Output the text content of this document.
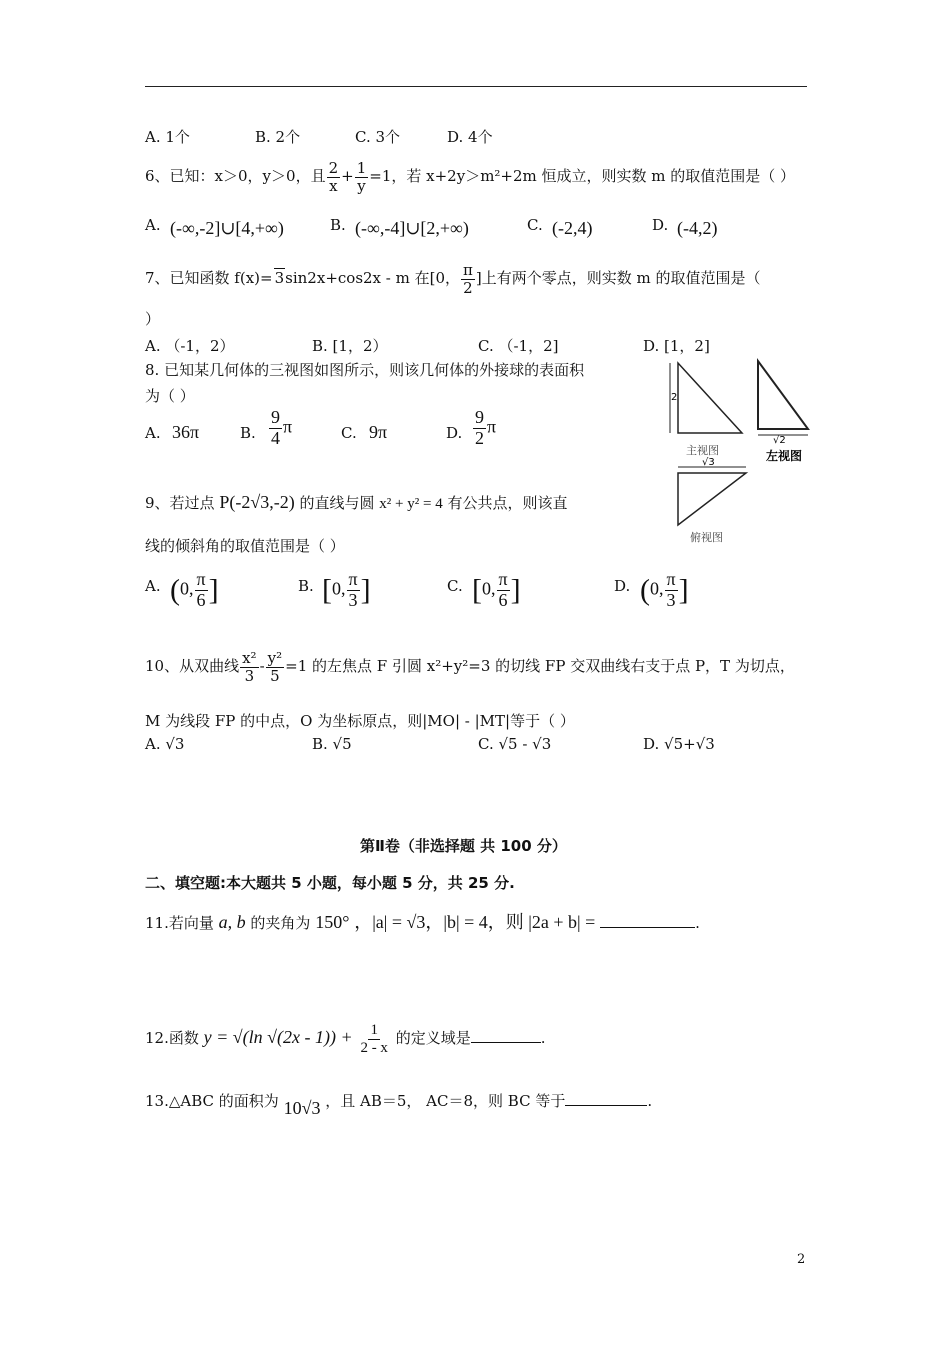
A. 1个	B. 2个	C. 3个	D. 4个
6、已知：x＞0，y＞0，且 $\frac{2}{x} + \frac{1}{y} =1$，若 x+2y＞m²+2m 恒成立，则实数 m 的取值范围是（ ）
A. (-∞,-2]∪[4,+∞)	B. (-∞,-4]∪[2,+∞)	C. (-2,4)	D. (-4,2)
7、已知函数 f(x)= 3sin2x+cos2x - m 在[0， $\frac{\pi}{2}$ ]上有两个零点，则实数 m 的取值范围是（
）
A. （-1，2）	B. [1，2）	C. （-1，2]	D. [1，2]
8. 已知某几何体的三视图如图所示，则该几何体的外接球的表面积
为（ ）
A. 36π	B. $\frac{9}{4}$ π	C. 9π	D. $\frac{9}{2}$ π
2
主视图
√2
左视图
√3
俯视图
9、若过点 P(-2√3,-2) 的直线与圆 x² + y² = 4 有公共点，则该直
线的倾斜角的取值范围是（ ）
A. (0, $\frac{\pi}{6}$ ]	B. [0, $\frac{\pi}{3}$ ]	C. [0, $\frac{\pi}{6}$ ]	D. (0, $\frac{\pi}{3}$ ]
10、从双曲线 $\frac{\text{x²}}{3} - \frac{\text{y²}}{5} =1$ 的左焦点 F 引圆 x²+y²=3 的切线 FP 交双曲线右支于点 P，T 为切点，
M 为线段 FP 的中点，O 为坐标原点，则|MO| - |MT|等于（ ）
A. √3	B. √5	C. √5 - √3	D. √5+√3
第Ⅱ卷（非选择题 共 100 分）
二、填空题:本大题共 5 小题，每小题 5 分，共 25 分.
11.若向量 a, b 的夹角为 150° ，|a| = √3，|b| = 4，则 |2a + b| =	.
12.函数 y = √(ln $√(2x - 1)) + \frac{1}{2 - x}$ 的定义域是	.
13.△ABC 的面积为 10√3 ，且 AB＝5， AC＝8，则 BC 等于	.
2
